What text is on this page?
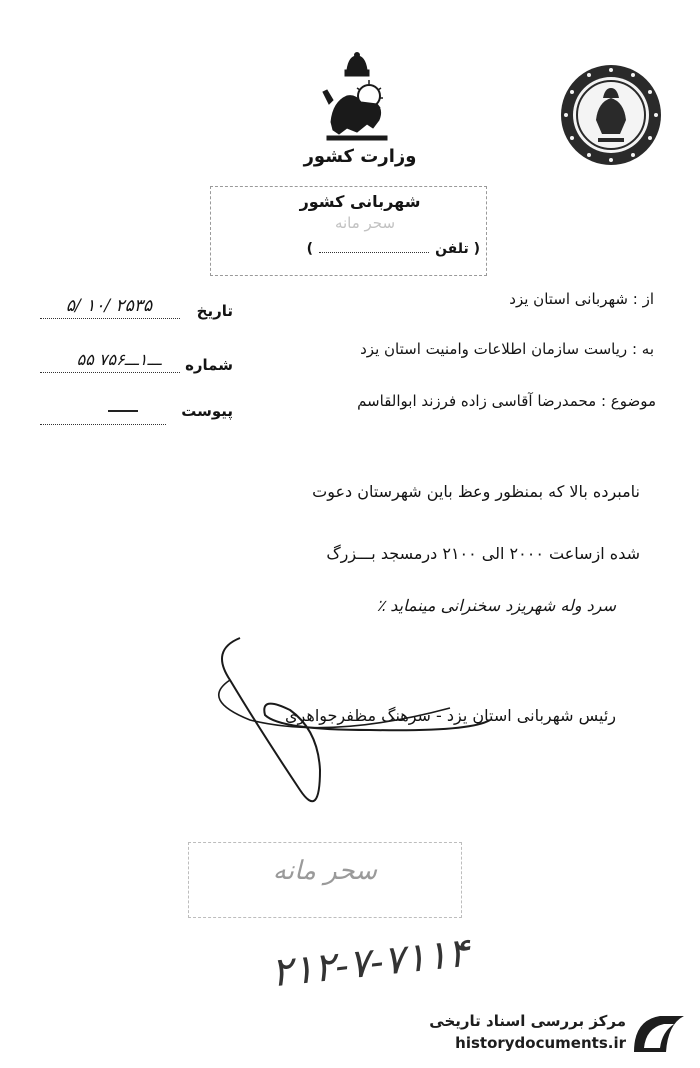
وزارت کشور
شهربانی کشور
سحر مانه
( تلفن)
از : شهربانی استان یزد
به : ریاست سازمان اطلاعات وامنیت استان یزد
موضوع : محمدرضا آقاسی زاده فرزند ابوالقاسم
تاریخ
۵/ ۱۰/ ۲۵۳۵
شماره
۵۵ ۷ـــ۱ـــ۵۶
پیوست
نامبرده بالا که بمنظور وعظ باین شهرستان دعوت
شده ازساعت ۲۰۰۰ الی ۲۱۰۰ درمسجد بـــزرگ
سرد وله شهریزد سخنرانی مینماید ٪
رئیس شهربانی استان یزد - سرهنگ مظفرجواهری
سحر مانه
۲۱۲-۷-۷۱۱۴
مرکز بررسی اسناد تاریخی
historydocuments.ir
